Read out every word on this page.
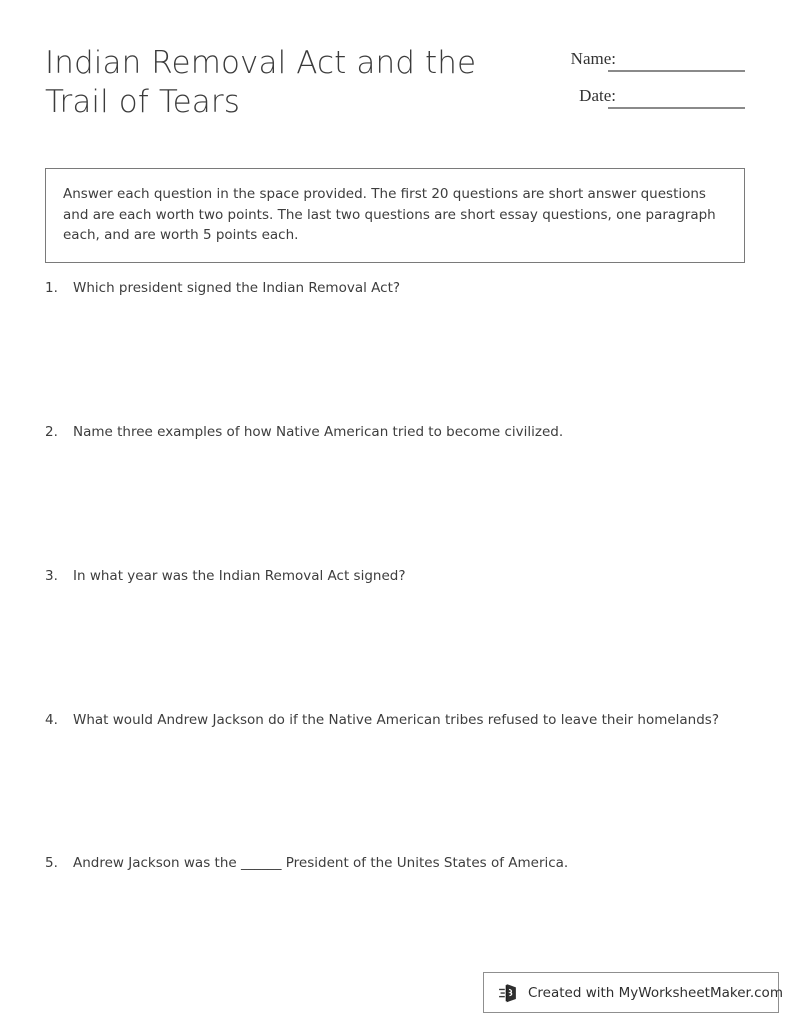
Indian Removal Act and the Trail of Tears
Name:
Date:

Answer each question in the space provided. The first 20 questions are short answer questions and are each worth two points. The last two questions are short essay questions, one paragraph each, and are worth 5 points each.

1.	Which president signed the Indian Removal Act?
2.	Name three examples of how Native American tried to become civilized.
3.	In what year was the Indian Removal Act signed?
4.	What would Andrew Jackson do if the Native American tribes refused to leave their homelands?
5.	Andrew Jackson was the ______ President of the Unites States of America.
Created with MyWorksheetMaker.com
